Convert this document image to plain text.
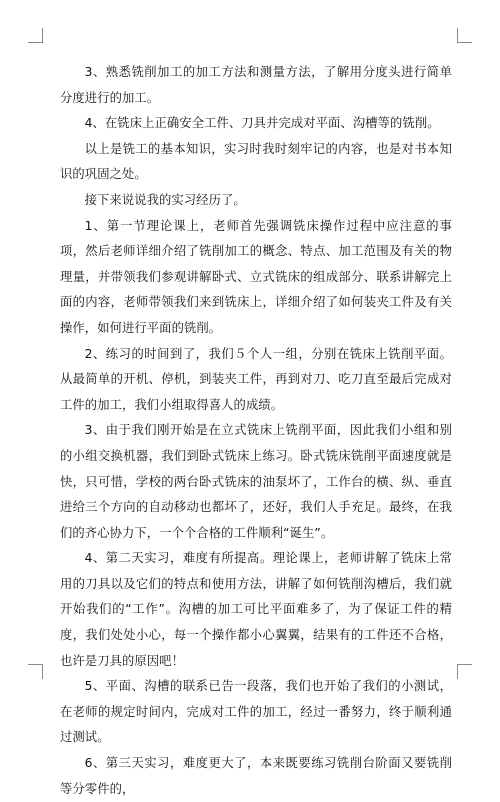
3、熟悉铣削加工的加工方法和测量方法，了解用分度头进行简单分度进行的加工。

4、在铣床上正确安全工件、刀具并完成对平面、沟槽等的铣削。

以上是铣工的基本知识，实习时我时刻牢记的内容，也是对书本知识的巩固之处。

接下来说说我的实习经历了。

1、第一节理论课上，老师首先强调铣床操作过程中应注意的事项，然后老师详细介绍了铣削加工的概念、特点、加工范围及有关的物理量，并带领我们参观讲解卧式、立式铣床的组成部分、联系讲解完上面的内容，老师带领我们来到铣床上，详细介绍了如何装夹工件及有关操作，如何进行平面的铣削。

2、练习的时间到了，我们５个人一组，分别在铣床上铣削平面。从最简单的开机、停机，到装夹工件，再到对刀、吃刀直至最后完成对工件的加工，我们小组取得喜人的成绩。

3、由于我们刚开始是在立式铣床上铣削平面，因此我们小组和别的小组交换机器，我们到卧式铣床上练习。卧式铣床铣削平面速度就是快，只可惜，学校的两台卧式铣床的油泵坏了，工作台的横、纵、垂直进给三个方向的自动移动也都坏了，还好，我们人手充足。最终，在我们的齐心协力下，一个个合格的工件顺利“诞生”。

4、第二天实习，难度有所提高。理论课上，老师讲解了铣床上常用的刀具以及它们的特点和使用方法，讲解了如何铣削沟槽后，我们就开始我们的“工作”。沟槽的加工可比平面难多了，为了保证工件的精度，我们处处小心，每一个操作都小心翼翼，结果有的工件还不合格，也许是刀具的原因吧！

5、平面、沟槽的联系已告一段落，我们也开始了我们的小测试，在老师的规定时间内，完成对工件的加工，经过一番努力，终于顺利通过测试。

6、第三天实习，难度更大了，本来既要练习铣削台阶面又要铣削等分零件的，
